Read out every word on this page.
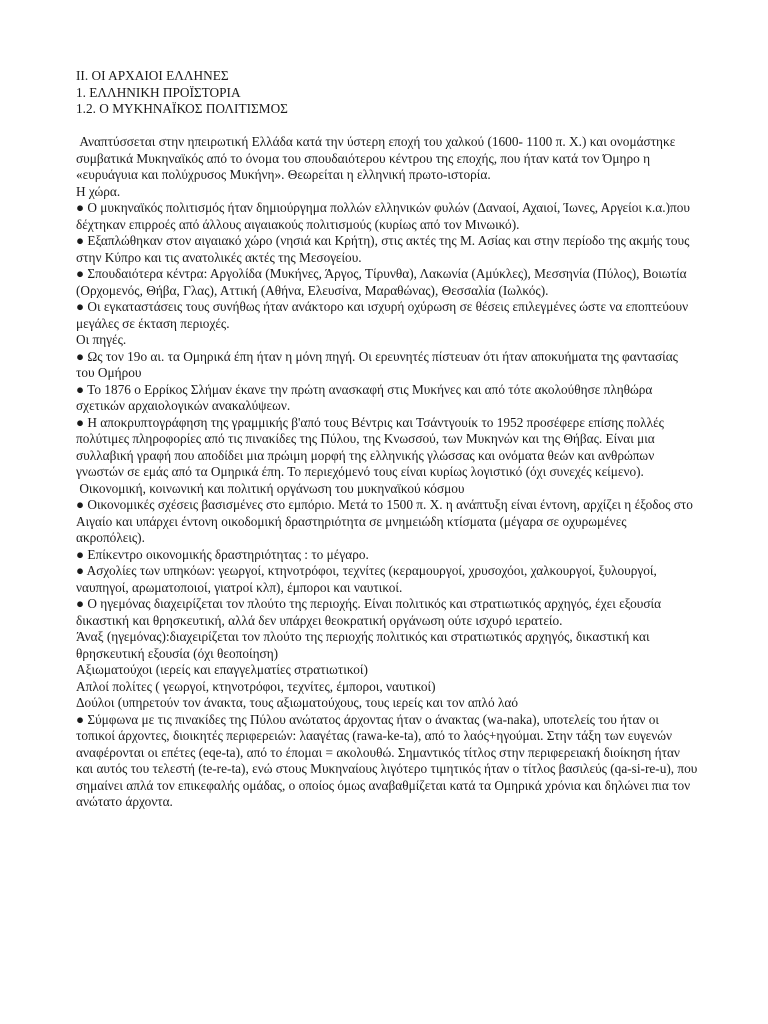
II. ΟΙ ΑΡΧΑΙΟΙ ΕΛΛΗΝΕΣ
1. ΕΛΛΗΝΙΚΗ ΠΡΟΪΣΤΟΡΙΑ
1.2. Ο ΜΥΚΗΝΑΪΚΟΣ ΠΟΛΙΤΙΣΜΟΣ

Αναπτύσσεται στην ηπειρωτική Ελλάδα κατά την ύστερη εποχή του χαλκού (1600- 1100 π. Χ.) και ονομάστηκε συμβατικά Μυκηναϊκός από το όνομα του σπουδαιότερου κέντρου της εποχής, που ήταν κατά τον Όμηρο η «ευρυάγυια και πολύχρυσος Μυκήνη». Θεωρείται η ελληνική πρωτο-ιστορία.

Η χώρα.

● Ο μυκηναϊκός πολιτισμός ήταν δημιούργημα πολλών ελληνικών φυλών (Δαναοί, Αχαιοί, Ίωνες, Αργείοι κ.α.)που δέχτηκαν επιρροές από άλλους αιγαιακούς πολιτισμούς (κυρίως από τον Μινωικό).

● Εξαπλώθηκαν στον αιγαιακό χώρο (νησιά και Κρήτη), στις ακτές της Μ. Ασίας και στην περίοδο της ακμής τους στην Κύπρο και τις ανατολικές ακτές της Μεσογείου.

● Σπουδαιότερα κέντρα: Αργολίδα (Μυκήνες, Άργος, Τίρυνθα), Λακωνία (Αμύκλες), Μεσσηνία (Πύλος), Βοιωτία (Ορχομενός, Θήβα, Γλας), Αττική (Αθήνα, Ελευσίνα, Μαραθώνας), Θεσσαλία (Ιωλκός).

● Οι εγκαταστάσεις τους συνήθως ήταν ανάκτορο και ισχυρή οχύρωση σε θέσεις επιλεγμένες ώστε να εποπτεύουν μεγάλες σε έκταση περιοχές.

Οι πηγές.

● Ως τον 19ο αι. τα Ομηρικά έπη ήταν η μόνη πηγή. Οι ερευνητές πίστευαν ότι ήταν αποκυήματα της φαντασίας του Ομήρου

● Το 1876 ο Ερρίκος Σλήμαν έκανε την πρώτη ανασκαφή στις Μυκήνες και από τότε ακολούθησε πληθώρα σχετικών αρχαιολογικών ανακαλύψεων.

● Η αποκρυπτογράφηση της γραμμικής β'από τους Βέντρις και Τσάντγουίκ το 1952 προσέφερε επίσης πολλές πολύτιμες πληροφορίες από τις πινακίδες της Πύλου, της Κνωσσού, των Μυκηνών και της Θήβας. Είναι μια συλλαβική γραφή που αποδίδει μια πρώιμη μορφή της ελληνικής γλώσσας και ονόματα θεών και ανθρώπων γνωστών σε εμάς από τα Ομηρικά έπη. Το περιεχόμενό τους είναι κυρίως λογιστικό (όχι συνεχές κείμενο).

Οικονομική, κοινωνική και πολιτική οργάνωση του μυκηναϊκού κόσμου

● Οικονομικές σχέσεις βασισμένες στο εμπόριο. Μετά το 1500 π. Χ. η ανάπτυξη είναι έντονη, αρχίζει η έξοδος στο Αιγαίο και υπάρχει έντονη οικοδομική δραστηριότητα σε μνημειώδη κτίσματα (μέγαρα σε οχυρωμένες ακροπόλεις).

● Επίκεντρο οικονομικής δραστηριότητας : το μέγαρο.

● Ασχολίες των υπηκόων: γεωργοί, κτηνοτρόφοι, τεχνίτες (κεραμουργοί, χρυσοχόοι, χαλκουργοί, ξυλουργοί, ναυπηγοί, αρωματοποιοί, γιατροί κλπ), έμποροι και ναυτικοί.

● Ο ηγεμόνας διαχειρίζεται τον πλούτο της περιοχής. Είναι πολιτικός και στρατιωτικός αρχηγός, έχει εξουσία δικαστική και θρησκευτική, αλλά δεν υπάρχει θεοκρατική οργάνωση ούτε ισχυρό ιερατείο.

Άναξ (ηγεμόνας):διαχειρίζεται τον πλούτο της περιοχής πολιτικός και στρατιωτικός αρχηγός, δικαστική και θρησκευτική εξουσία (όχι θεοποίηση)

Αξιωματούχοι (ιερείς και επαγγελματίες στρατιωτικοί)

Απλοί πολίτες ( γεωργοί, κτηνοτρόφοι, τεχνίτες, έμποροι, ναυτικοί)

Δούλοι (υπηρετούν τον άνακτα, τους αξιωματούχους, τους ιερείς και τον απλό λαό

● Σύμφωνα με τις πινακίδες της Πύλου ανώτατος άρχοντας ήταν ο άνακτας (wa-naka), υποτελείς του ήταν οι τοπικοί άρχοντες, διοικητές περιφερειών: λααγέτας (rawa-ke-ta), από το λαός+ηγούμαι. Στην τάξη των ευγενών αναφέρονται οι επέτες (eqe-ta), από το έπομαι = ακολουθώ. Σημαντικός τίτλος στην περιφερειακή διοίκηση ήταν και αυτός του τελεστή (te-re-ta), ενώ στους Μυκηναίους λιγότερο τιμητικός ήταν ο τίτλος βασιλεύς (qa-si-re-u), που σημαίνει απλά τον επικεφαλής ομάδας, ο οποίος όμως αναβαθμίζεται κατά τα Ομηρικά χρόνια και δηλώνει πια τον ανώτατο άρχοντα.
